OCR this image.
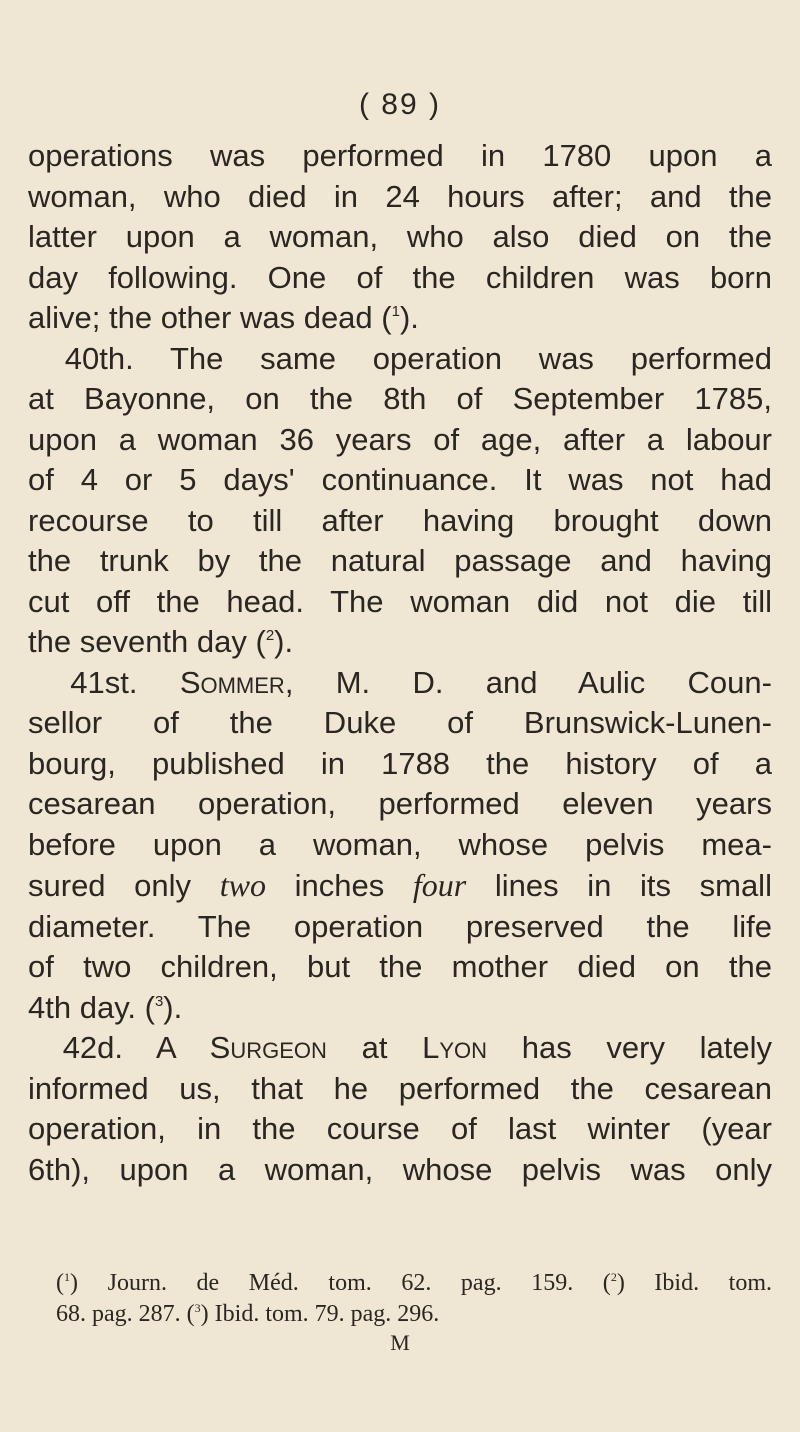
( 89 )
operations was performed in 1780 upon a
woman, who died in 24 hours after; and the
latter upon a woman, who also died on the
day following. One of the children was born
alive; the other was dead ($^1$).
40th. The same operation was performed
at Bayonne, on the 8th of September 1785,
upon a woman 36 years of age, after a labour
of 4 or 5 days' continuance. It was not had
recourse to till after having brought down
the trunk by the natural passage and having
cut off the head. The woman did not die till
the seventh day ($^2$).
41st. Sommer, M. D. and Aulic Coun-
sellor of the Duke of Brunswick-Lunen-
bourg, published in 1788 the history of a
cesarean operation, performed eleven years
before upon a woman, whose pelvis mea-
sured only two inches four lines in its small
diameter. The operation preserved the life
of two children, but the mother died on the
4th day. ($^3$).
42d. A Surgeon at Lyon has very lately
informed us, that he performed the cesarean
operation, in the course of last winter (year
6th), upon a woman, whose pelvis was only
($^1$) Journ. de Méd. tom. 62. pag. 159. ($^2$) Ibid. tom.
68. pag. 287. ($^3$) Ibid. tom. 79. pag. 296.
M
